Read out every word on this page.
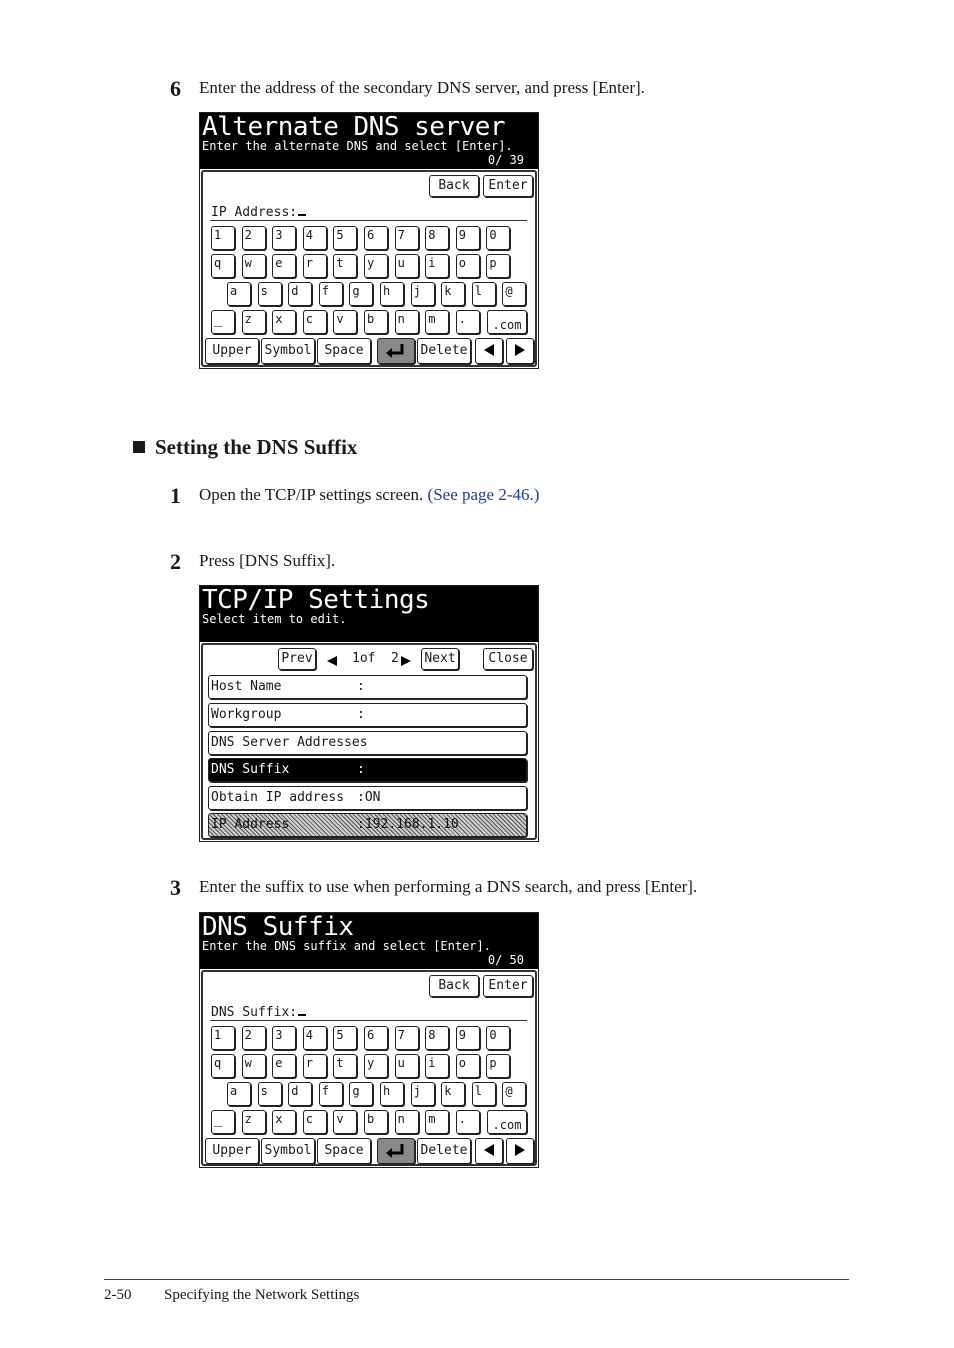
6 Enter the address of the secondary DNS server, and press [Enter].
Alternate DNS server
Enter the alternate DNS and select [Enter].
0/ 39
Back	Enter
IP Address:
1	2	3	4	5	6	7	8	9	0
q	w	e	r	t	y	u	i	o	p
a	s	d	f	g	h	j	k	l	@
_	z	x	c	v	b	n	m	.	.com
Upper Symbol Space	Delete
Setting the DNS Suffix
1 Open the TCP/IP settings screen. (See page 2-46.)
2 Press [DNS Suffix].
TCP/IP Settings
Select item to edit.
Prev	1of 2 Next	Close
Host Name	:
Workgroup	:
DNS Server Addresses
DNS Suffix	:
Obtain IP address :ON
IP Address	:192.168.1.10
3 Enter the suffix to use when performing a DNS search, and press [Enter].
DNS Suffix
Enter the DNS suffix and select [Enter].
0/ 50
Back	Enter
DNS Suffix:
1	2	3	4	5	6	7	8	9	0
q	w	e	r	t	y	u	i	o	p
a	s	d	f	g	h	j	k	l	@
_	z	x	c	v	b	n	m	.	.com
Upper Symbol Space	Delete
2-50 Specifying the Network Settings
